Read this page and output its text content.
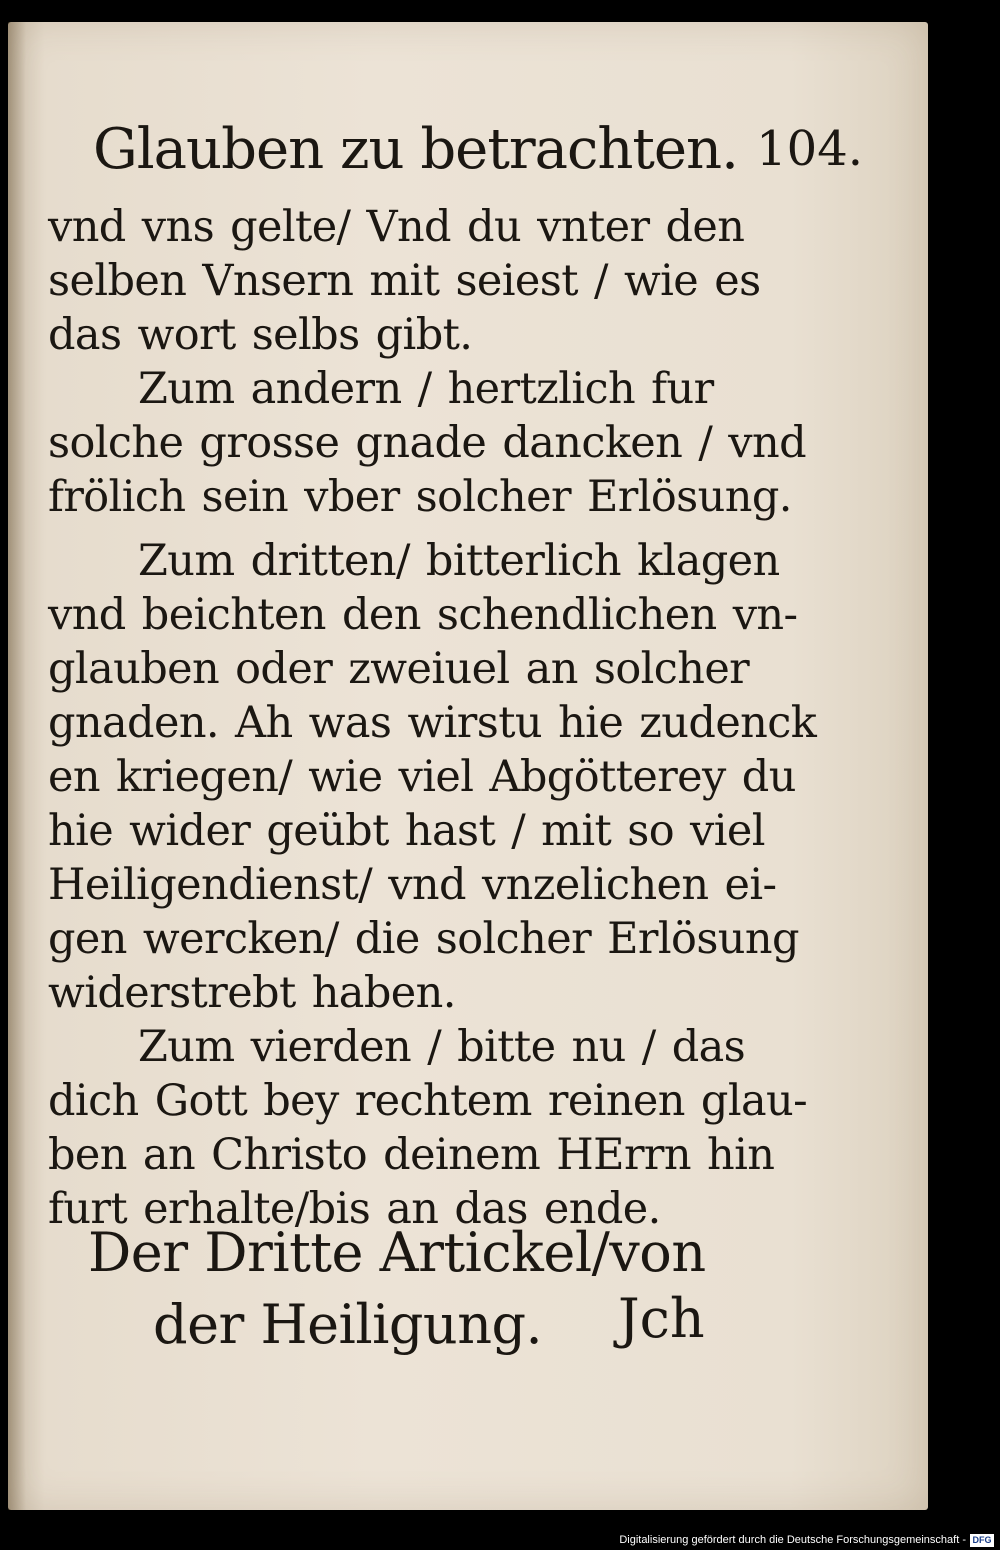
Glauben zu betrachten. 104.
vnd vns gelte/ Vnd du vnter den
selben Vnsern mit seiest / wie es
das wort selbs gibt.
Zum andern / hertzlich fur
solche grosse gnade dancken / vnd
frölich sein vber solcher Erlösung.
Zum dritten/ bitterlich klagen
vnd beichten den schendlichen vn-
glauben oder zweiuel an solcher
gnaden. Ah was wirstu hie zudenck
en kriegen/ wie viel Abgötterey du
hie wider geübt hast / mit so viel
Heiligendienst/ vnd vnzelichen ei-
gen wercken/ die solcher Erlösung
widerstrebt haben.
Zum vierden / bitte nu / das
dich Gott bey rechtem reinen glau-
ben an Christo deinem HErrn hin
furt erhalte/bis an das ende.
Der Dritte Artickel/von
der Heiligung.	Jch
Digitalisierung gefördert durch die Deutsche Forschungsgemeinschaft - DFG
